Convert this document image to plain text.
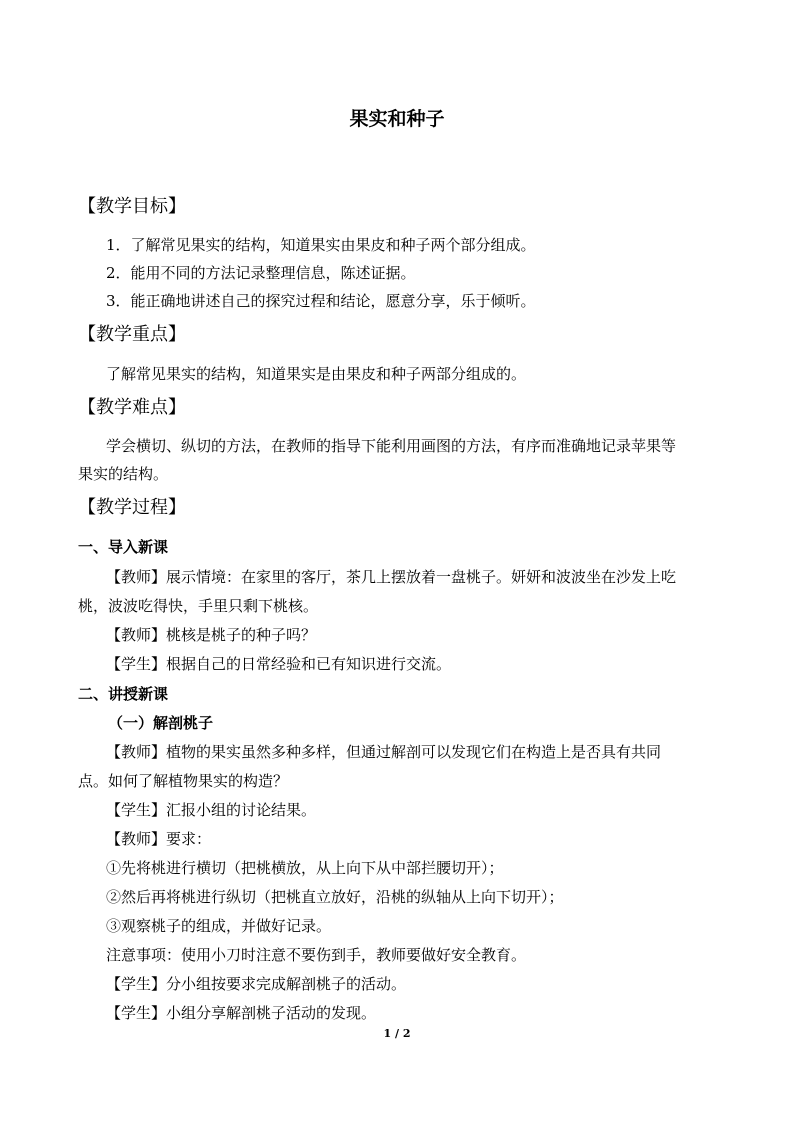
果实和种子
【教学目标】
1．了解常见果实的结构，知道果实由果皮和种子两个部分组成。
2．能用不同的方法记录整理信息，陈述证据。
3．能正确地讲述自己的探究过程和结论，愿意分享，乐于倾听。
【教学重点】
了解常见果实的结构，知道果实是由果皮和种子两部分组成的。
【教学难点】
学会横切、纵切的方法，在教师的指导下能利用画图的方法，有序而准确地记录苹果等
果实的结构。
【教学过程】
一、导入新课
【教师】展示情境：在家里的客厅，茶几上摆放着一盘桃子。妍妍和波波坐在沙发上吃
桃，波波吃得快，手里只剩下桃核。
【教师】桃核是桃子的种子吗？
【学生】根据自己的日常经验和已有知识进行交流。
二、讲授新课
（一）解剖桃子
【教师】植物的果实虽然多种多样，但通过解剖可以发现它们在构造上是否具有共同
点。如何了解植物果实的构造？
【学生】汇报小组的讨论结果。
【教师】要求：
①先将桃进行横切（把桃横放，从上向下从中部拦腰切开）；
②然后再将桃进行纵切（把桃直立放好，沿桃的纵轴从上向下切开）；
③观察桃子的组成，并做好记录。
注意事项：使用小刀时注意不要伤到手，教师要做好安全教育。
【学生】分小组按要求完成解剖桃子的活动。
【学生】小组分享解剖桃子活动的发现。
1 / 2
